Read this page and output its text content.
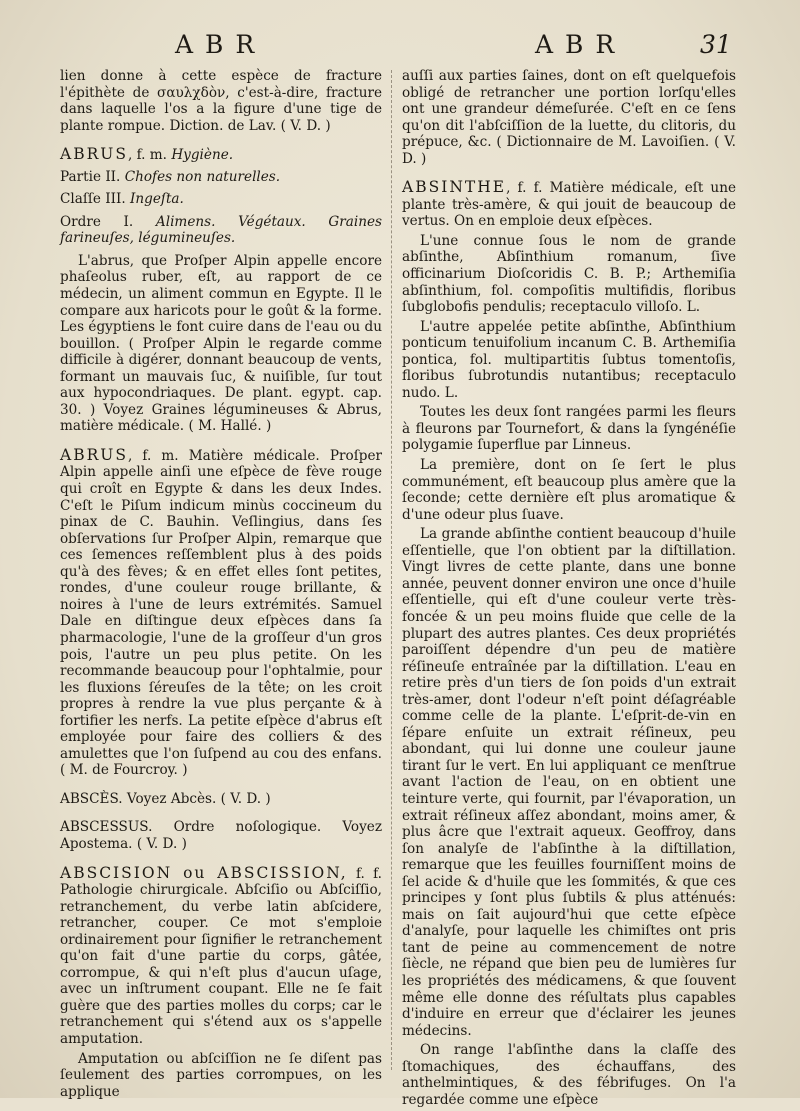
ABR	ABR	31

lien donne à cette espèce de fracture l'épithète de σαυλχδὸν, c'est-à-dire, fracture dans laquelle l'os a la figure d'une tige de plante rompue. Diction. de Lav. ( V. D. )

ABRUS, f. m. Hygiène.

Partie II. Chofes non naturelles.

Claſſe III. Ingeſta.

Ordre I. Alimens. Végétaux. Graines farineuſes, légumineuſes.

L'abrus, que Proſper Alpin appelle encore phaſeolus ruber, eſt, au rapport de ce médecin, un aliment commun en Egypte. Il le compare aux haricots pour le goût & la forme. Les égyptiens le font cuire dans de l'eau ou du bouillon. ( Proſper Alpin le regarde comme difficile à digérer, donnant beaucoup de vents, formant un mauvais ſuc, & nuiſible, ſur tout aux hypocondriaques. De plant. egypt. cap. 30. ) Voyez Graines légumineuses & Abrus, matière médicale. ( M. Hallé. )

ABRUS, f. m. Matière médicale. Proſper Alpin appelle ainſi une eſpèce de fève rouge qui croît en Egypte & dans les deux Indes. C'eſt le Piſum indicum minùs coccineum du pinax de C. Bauhin. Veſlingius, dans ſes obſervations ſur Proſper Alpin, remarque que ces ſemences reſſemblent plus à des poids qu'à des fèves; & en effet elles ſont petites, rondes, d'une couleur rouge brillante, & noires à l'une de leurs extrémités. Samuel Dale en diſtingue deux eſpèces dans ſa pharmacologie, l'une de la groſſeur d'un gros pois, l'autre un peu plus petite. On les recommande beaucoup pour l'ophtalmie, pour les fluxions ſéreuſes de la tête; on les croit propres à rendre la vue plus perçante & à fortifier les nerfs. La petite eſpèce d'abrus eſt employée pour faire des colliers & des amulettes que l'on ſuſpend au cou des enfans. ( M. de Fourcroy. )

ABSCÈS. Voyez Abcès. ( V. D. )

ABSCESSUS. Ordre noſologique. Voyez Apostema. ( V. D. )

ABSCISION ou ABSCISSION, f. f. Pathologie chirurgicale. Abſciſio ou Abſciſſio, retranchement, du verbe latin abſcidere, retrancher, couper. Ce mot s'emploie ordinairement pour ſignifier le retranchement qu'on fait d'une partie du corps, gâtée, corrompue, & qui n'eſt plus d'aucun uſage, avec un inſtrument coupant. Elle ne ſe fait guère que des parties molles du corps; car le retranchement qui s'étend aux os s'appelle amputation.

Amputation ou abſciſſion ne ſe diſent pas ſeulement des parties corrompues, on les applique

auſſi aux parties ſaines, dont on eſt quelquefois obligé de retrancher une portion lorſqu'elles ont une grandeur démeſurée. C'eſt en ce ſens qu'on dit l'abſciſſion de la luette, du clitoris, du prépuce, &c. ( Dictionnaire de M. Lavoiſien. ( V. D. )

ABSINTHE, f. f. Matière médicale, eſt une plante très-amère, & qui jouit de beaucoup de vertus. On en emploie deux eſpèces.

L'une connue ſous le nom de grande abſinthe, Abſinthium romanum, ſive officinarium Dioſcoridis C. B. P.; Arthemiſia abſinthium, fol. compoſitis multifidis, floribus ſubglobofis pendulis; receptaculo villoſo. L.

L'autre appelée petite abſinthe, Abſinthium ponticum tenuifolium incanum C. B. Arthemiſia pontica, fol. multipartitis ſubtus tomentoſis, floribus ſubrotundis nutantibus; receptaculo nudo. L.

Toutes les deux ſont rangées parmi les fleurs à fleurons par Tournefort, & dans la ſyngénéſie polygamie ſuperflue par Linneus.

La première, dont on ſe ſert le plus communément, eſt beaucoup plus amère que la ſeconde; cette dernière eſt plus aromatique & d'une odeur plus ſuave.

La grande abſinthe contient beaucoup d'huile eſſentielle, que l'on obtient par la diſtillation. Vingt livres de cette plante, dans une bonne année, peuvent donner environ une once d'huile eſſentielle, qui eſt d'une couleur verte très-foncée & un peu moins fluide que celle de la plupart des autres plantes. Ces deux propriétés paroiſſent dépendre d'un peu de matière réſineuſe entraînée par la diſtillation. L'eau en retire près d'un tiers de ſon poids d'un extrait très-amer, dont l'odeur n'eſt point déſagréable comme celle de la plante. L'eſprit-de-vin en ſépare enſuite un extrait réſineux, peu abondant, qui lui donne une couleur jaune tirant ſur le vert. En lui appliquant ce menſtrue avant l'action de l'eau, on en obtient une teinture verte, qui fournit, par l'évaporation, un extrait réſineux aſſez abondant, moins amer, & plus âcre que l'extrait aqueux. Geoffroy, dans ſon analyſe de l'abſinthe à la diſtillation, remarque que les feuilles fourniſſent moins de ſel acide & d'huile que les ſommités, & que ces principes y ſont plus ſubtils & plus atténués: mais on ſait aujourd'hui que cette eſpèce d'analyſe, pour laquelle les chimiſtes ont pris tant de peine au commencement de notre ſiècle, ne répand que bien peu de lumières ſur les propriétés des médicamens, & que ſouvent même elle donne des réſultats plus capables d'induire en erreur que d'éclairer les jeunes médecins.

On range l'abſinthe dans la claſſe des ſtomachiques, des échauffans, des anthelmintiques, & des fébrifuges. On l'a regardée comme une eſpèce
